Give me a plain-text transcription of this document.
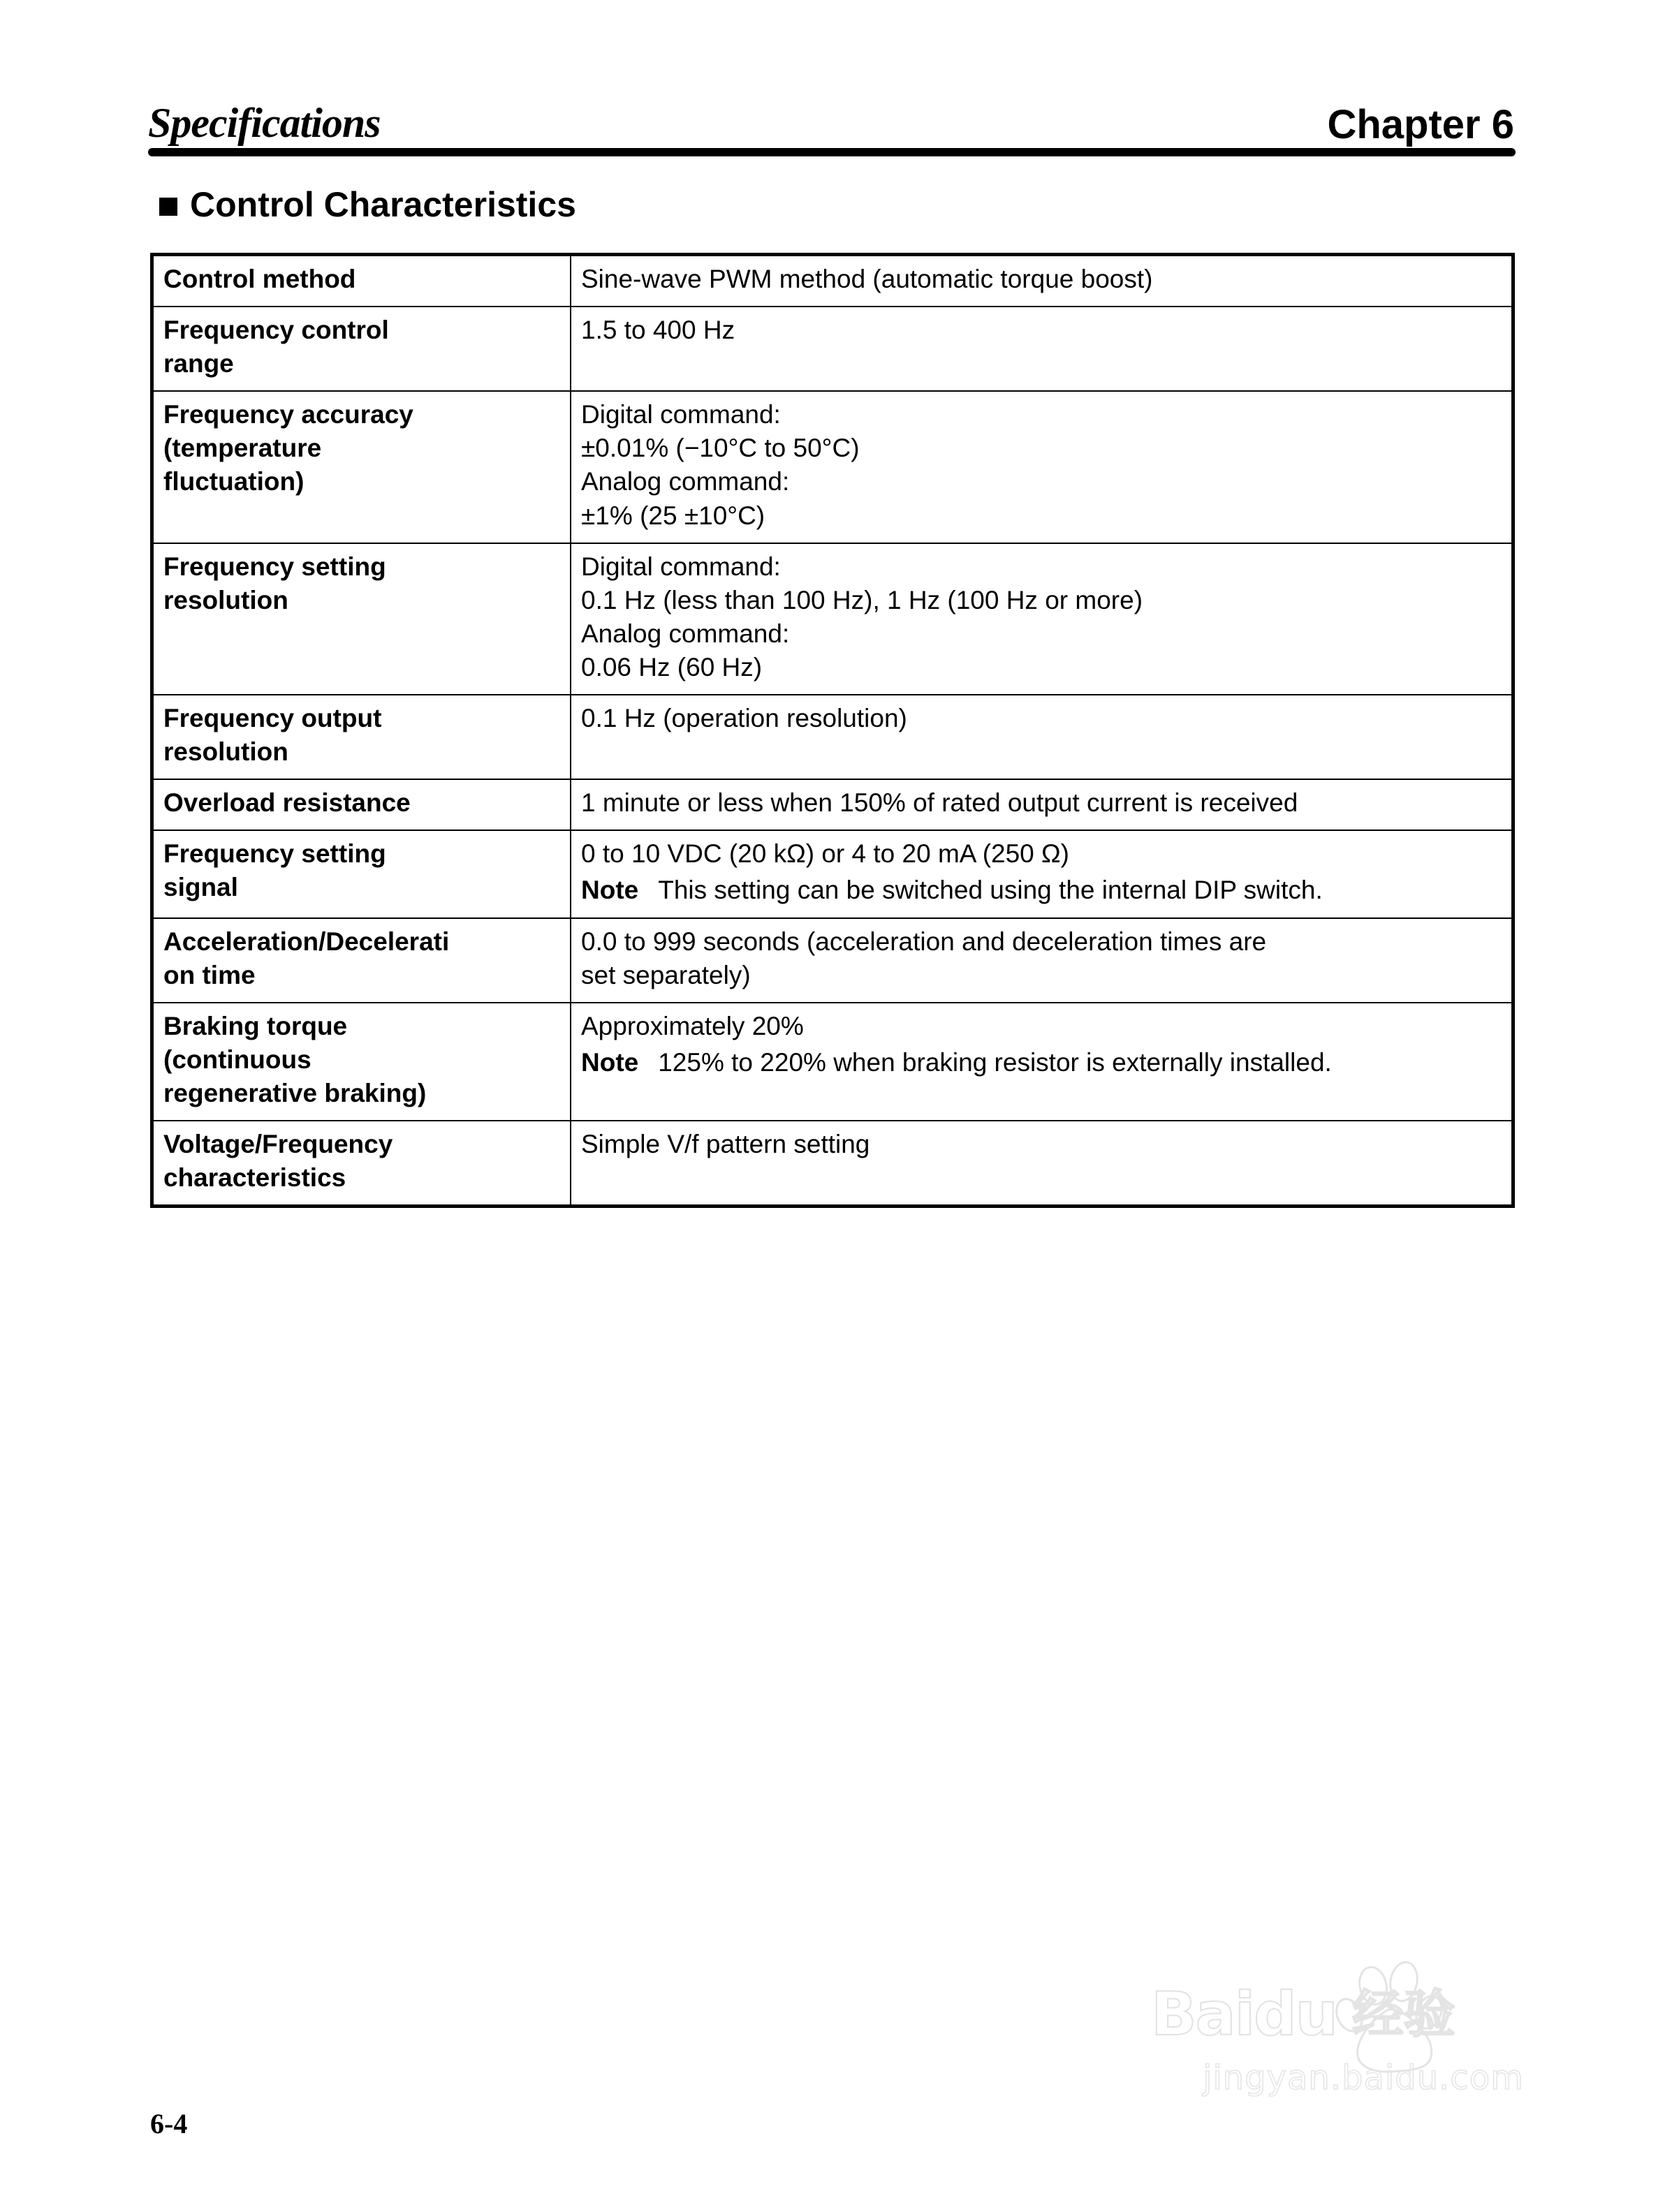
Specifications	Chapter 6
Control Characteristics
Control method	Sine-wave PWM method (automatic torque boost)

Frequency control
range	1.5 to 400 Hz

Frequency accuracy
(temperature
fluctuation)	Digital command:
±0.01% (−10°C to 50°C)
Analog command:
±1% (25 ±10°C)

Frequency setting
resolution	Digital command:
0.1 Hz (less than 100 Hz), 1 Hz (100 Hz or more)
Analog command:
0.06 Hz (60 Hz)

Frequency output
resolution	0.1 Hz (operation resolution)

Overload resistance	1 minute or less when 150% of rated output current is received

Frequency setting
signal	0 to 10 VDC (20 kΩ) or 4 to 20 mA (250 Ω)
Note This setting can be switched using the internal DIP switch.

Acceleration/Decelerati
on time	0.0 to 999 seconds (acceleration and deceleration times are
set separately)

Braking torque
(continuous
regenerative braking)	Approximately 20%
Note 125% to 220% when braking resistor is externally installed.

Voltage/Frequency
characteristics	Simple V/f pattern setting
Baidu 经验
jingyan.baidu.com
6-4
